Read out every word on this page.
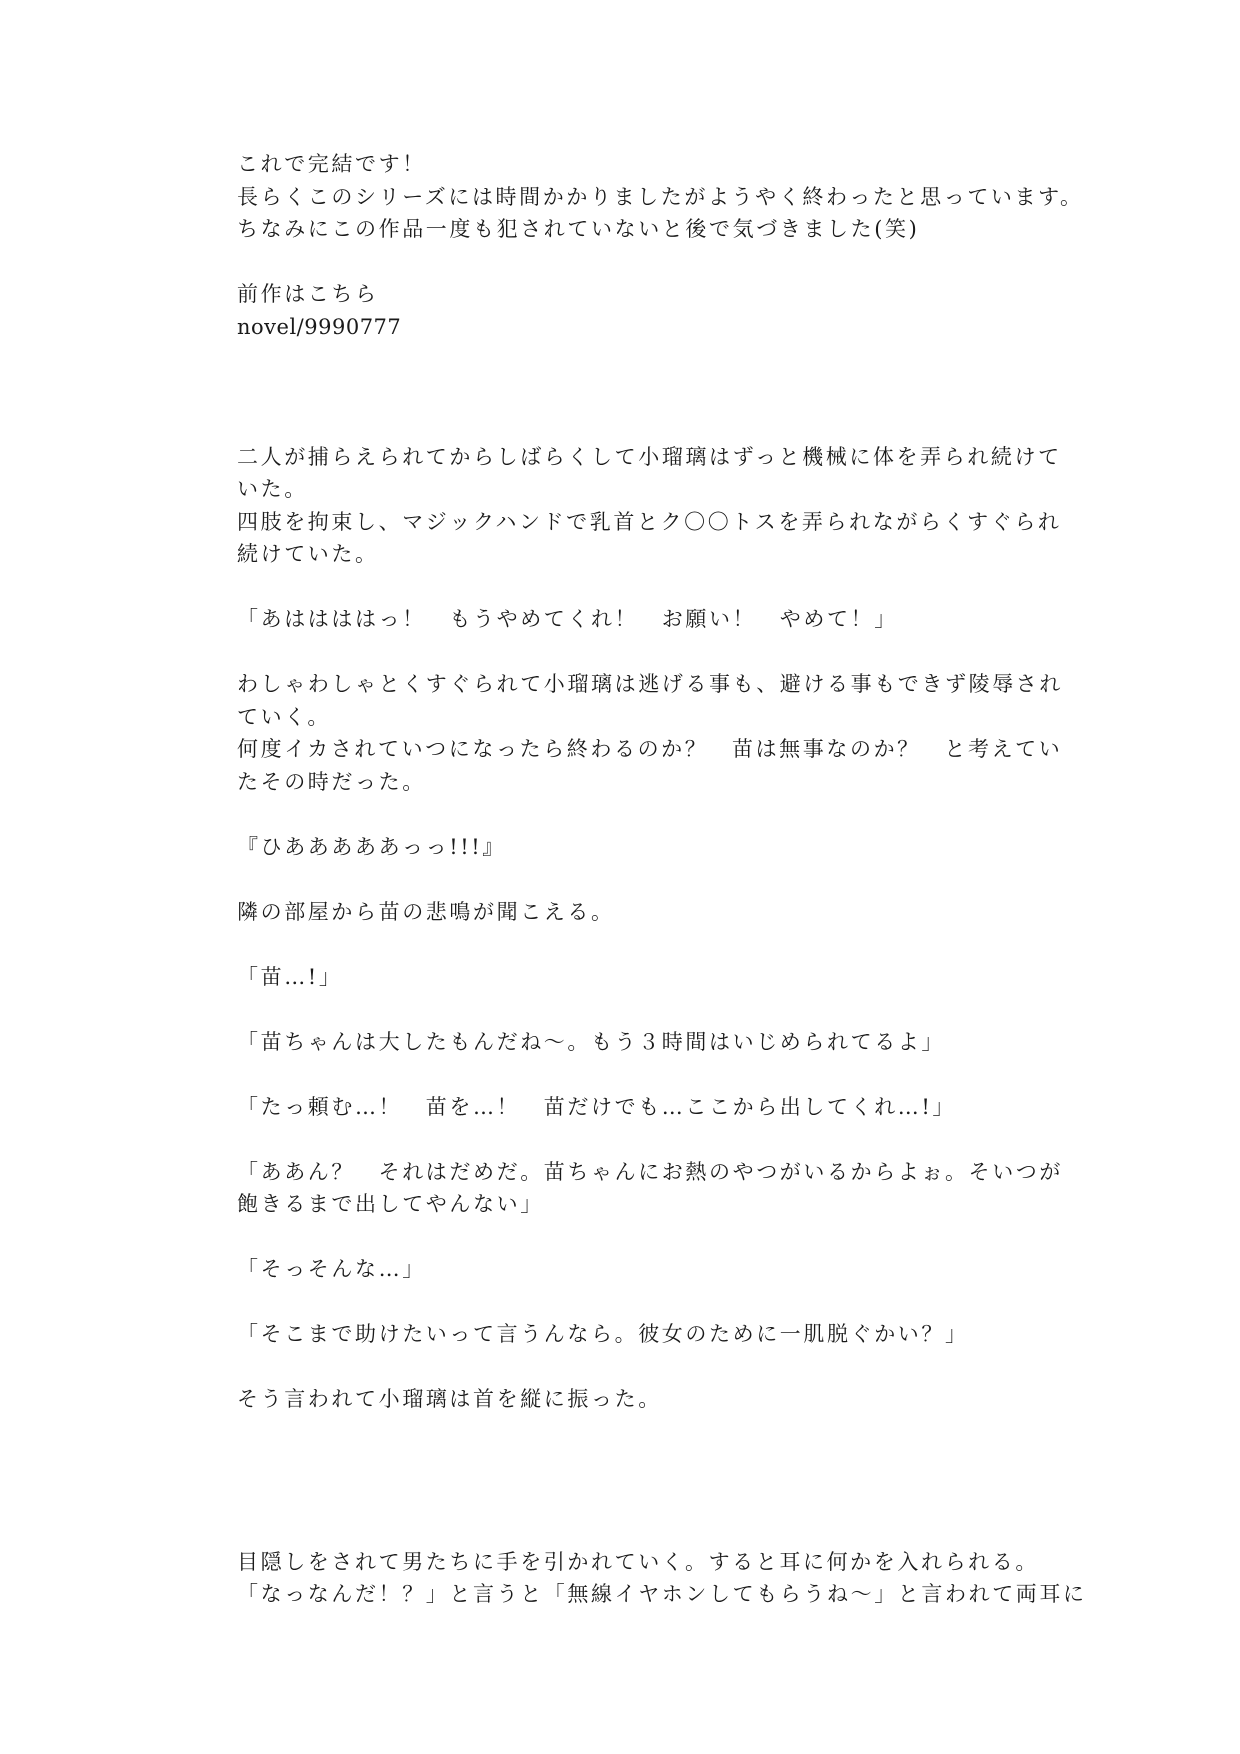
これで完結です！
長らくこのシリーズには時間かかりましたがようやく終わったと思っています。
ちなみにこの作品一度も犯されていないと後で気づきました(笑)
前作はこちら
novel/9990777
二人が捕らえられてからしばらくして小瑠璃はずっと機械に体を弄られ続けて
いた。
四肢を拘束し、マジックハンドで乳首とク〇〇トスを弄られながらくすぐられ
続けていた。
「あははははっ！　もうやめてくれ！　お願い！　やめて！」
わしゃわしゃとくすぐられて小瑠璃は逃げる事も、避ける事もできず陵辱され
ていく。
何度イカされていつになったら終わるのか？　苗は無事なのか？　と考えてい
たその時だった。
『ひあああああっっ!!!』
隣の部屋から苗の悲鳴が聞こえる。
「苗…!」
「苗ちゃんは大したもんだね〜。もう３時間はいじめられてるよ」
「たっ頼む…！　苗を…！　苗だけでも…ここから出してくれ…!」
「ああん？　それはだめだ。苗ちゃんにお熱のやつがいるからよぉ。そいつが
飽きるまで出してやんない」
「そっそんな…」
「そこまで助けたいって言うんなら。彼女のために一肌脱ぐかい？」
そう言われて小瑠璃は首を縦に振った。
目隠しをされて男たちに手を引かれていく。すると耳に何かを入れられる。
「なっなんだ！？」と言うと「無線イヤホンしてもらうね〜」と言われて両耳に
